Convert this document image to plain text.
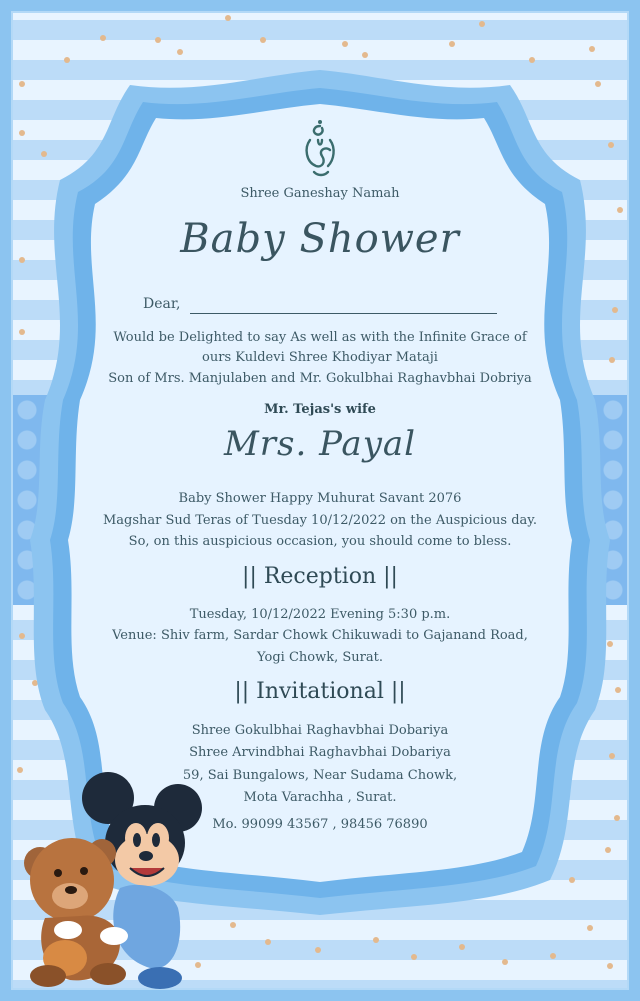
Shree Ganeshay Namah
Baby Shower
Would be Delighted to say As well as with the Infinite Grace of
ours Kuldevi Shree Khodiyar Mataji
Son of Mrs. Manjulaben and Mr. Gokulbhai Raghavbhai Dobriya
Mr. Tejas's wife
Mrs. Payal
Baby Shower Happy Muhurat Savant 2076
Magshar Sud Teras of Tuesday 10/12/2022 on the Auspicious day.
So, on this auspicious occasion, you should come to bless.
|| Reception ||
Tuesday, 10/12/2022 Evening 5:30 p.m.
Venue: Shiv farm, Sardar Chowk Chikuwadi to Gajanand Road,
Yogi Chowk, Surat.
|| Invitational ||
Shree Gokulbhai Raghavbhai Dobariya
Shree Arvindbhai Raghavbhai Dobariya
59, Sai Bungalows, Near Sudama Chowk,
Mota Varachha , Surat.
Mo. 99099 43567 , 98456 76890
Dear,
